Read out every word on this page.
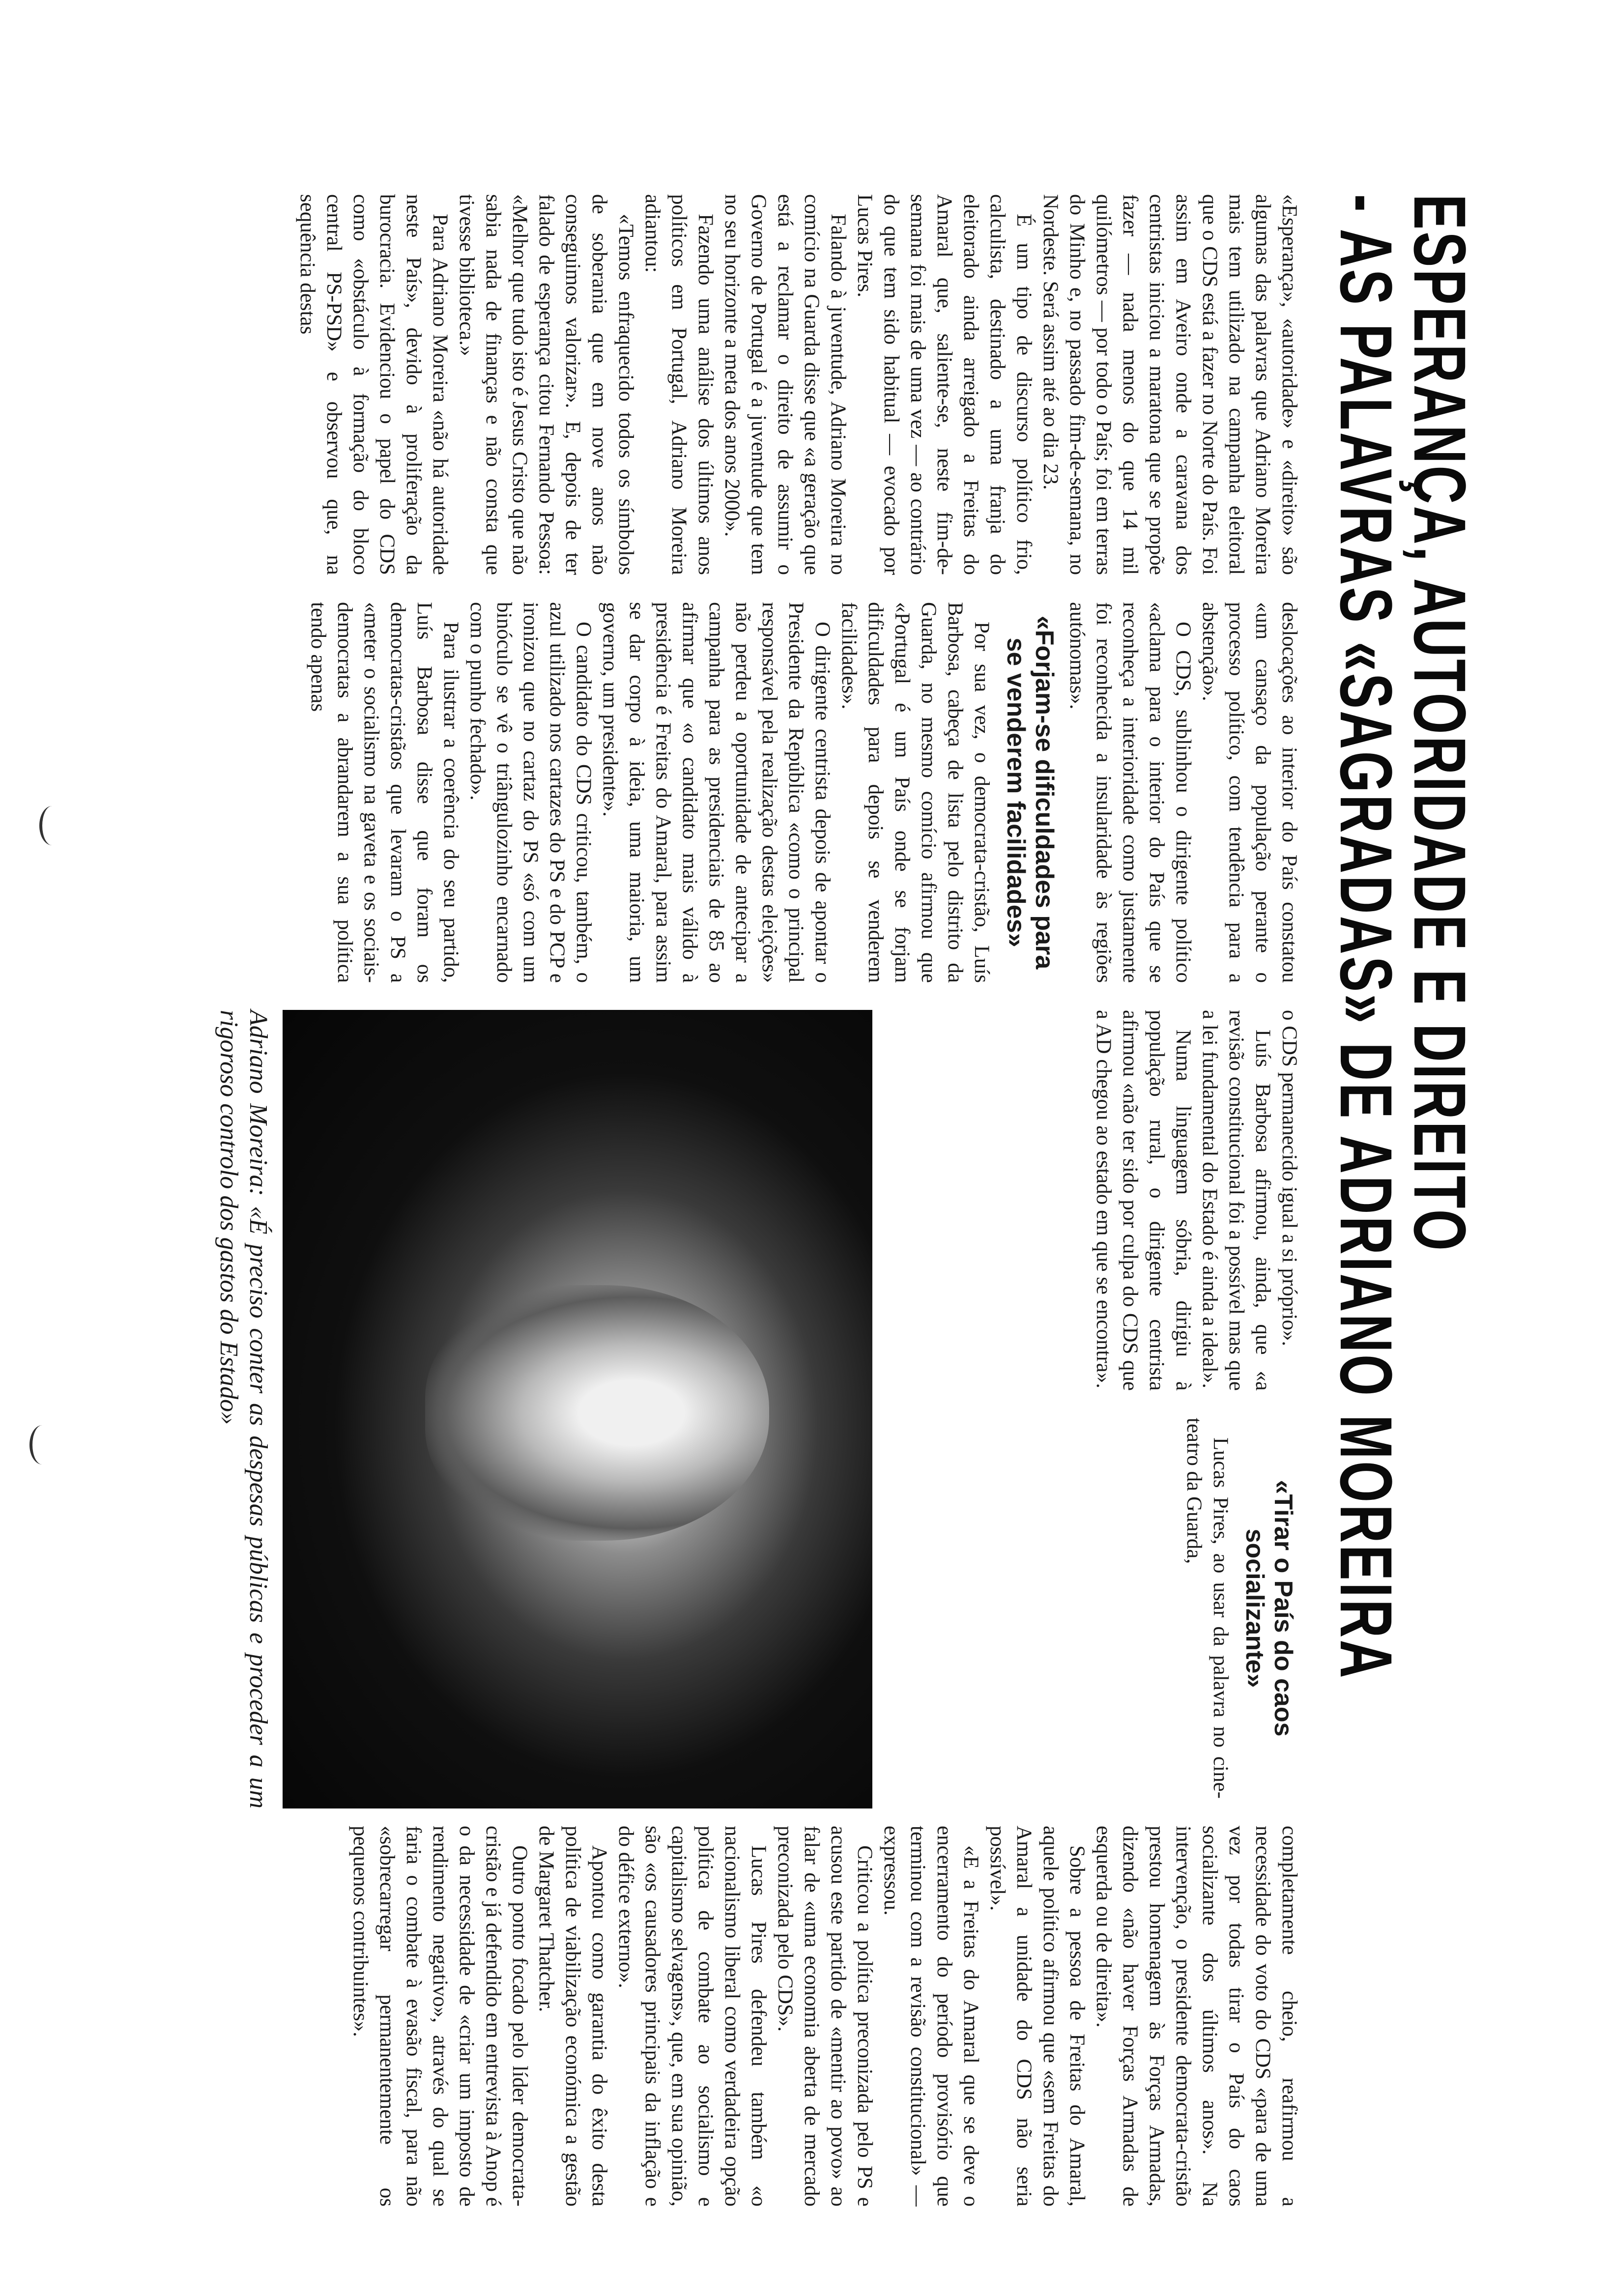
ESPERANÇA, AUTORIDADE E DIREITO
- AS PALAVRAS «SAGRADAS» DE ADRIANO MOREIRA

«Esperança», «autoridade» e «direito» são algumas das palavras que Adriano Moreira mais tem utilizado na campanha eleitoral que o CDS está a fazer no Norte do País. Foi assim em Aveiro onde a caravana dos centristas iniciou a maratona que se propõe fazer — nada menos do que 14 mil quilómetros — por todo o País; foi em terras do Minho e, no passado fim-de-semana, no Nordeste. Será assim até ao dia 23.

É um tipo de discurso político frio, calculista, destinado a uma franja do eleitorado ainda arreigado a Freitas do Amaral que, saliente-se, neste fim-de-semana foi mais de uma vez — ao contrário do que tem sido habitual — evocado por Lucas Pires.

Falando à juventude, Adriano Moreira no comício na Guarda disse que «a geração que está a reclamar o direito de assumir o Governo de Portugal é a juventude que tem no seu horizonte a meta dos anos 2000».

Fazendo uma análise dos últimos anos políticos em Portugal, Adriano Moreira adiantou:

«Temos enfraquecido todos os símbolos de soberania que em nove anos não conseguimos valorizar». E, depois de ter falado de esperança citou Fernando Pessoa: «Melhor que tudo isto é Jesus Cristo que não sabia nada de finanças e não consta que tivesse biblioteca.»

Para Adriano Moreira «não há autoridade neste País», devido à proliferação da burocracia. Evidenciou o papel do CDS como «obstáculo à formação do bloco central PS-PSD» e observou que, na sequência destas

deslocações ao interior do País constatou «um cansaço da população perante o processo político, com tendência para a abstenção».

O CDS, sublinhou o dirigente político «aclama para o interior do País que se reconheça a interioridade como justamente foi reconhecida a insularidade às regiões autónomas».

«Forjam-se dificuldades para se venderem facilidades»

Por sua vez, o democrata-cristão, Luís Barbosa, cabeça de lista pelo distrito da Guarda, no mesmo comício afirmou que «Portugal é um País onde se forjam dificuldades para depois se venderem facilidades».

O dirigente centrista depois de apontar o Presidente da República «como o principal responsável pela realização destas eleições» não perdeu a oportunidade de antecipar a campanha para as presidenciais de 85 ao afirmar que «o candidato mais válido à presidência é Freitas do Amaral, para assim se dar corpo à ideia, uma maioria, um governo, um presidente».

O candidato do CDS criticou, também, o azul utilizado nos cartazes do PS e do PCP e ironizou que no cartaz do PS «só com um binóculo se vê o triângulozinho encarnado com o punho fechado».

Para ilustrar a coerência do seu partido, Luís Barbosa disse que foram os democratas-cristãos que levaram o PS a «meter o socialismo na gaveta e os sociais-democratas a abrandarem a sua política tendo apenas

o CDS permanecido igual a si próprio».

Luís Barbosa afirmou, ainda, que «a revisão constitucional foi a possível mas que a lei fundamental do Estado é ainda a ideal».

Numa linguagem sóbria, dirigiu à população rural, o dirigente centrista afirmou «não ter sido por culpa do CDS que a AD chegou ao estado em que se encontra».

«Tirar o País do caos socializante»

Lucas Pires, ao usar da palavra no cine-teatro da Guarda,

Adriano Moreira: «É preciso conter as despesas públicas e proceder a um rigoroso controlo dos gastos do Estado»

completamente cheio, reafirmou a necessidade do voto do CDS «para de uma vez por todas tirar o País do caos socializante dos últimos anos». Na intervenção, o presidente democrata-cristão prestou homenagem às Forças Armadas, dizendo «não haver Forças Armadas de esquerda ou de direita».

Sobre a pessoa de Freitas do Amaral, aquele político afirmou que «sem Freitas do Amaral a unidade do CDS não seria possível».

«E a Freitas do Amaral que se deve o encerramento do período provisório que terminou com a revisão constitucional» — expressou.

Criticou a política preconizada pelo PS e acusou este partido de «mentir ao povo» ao falar de «uma economia aberta de mercado preconizada pelo CDS».

Lucas Pires defendeu também «o nacionalismo liberal como verdadeira opção política de combate ao socialismo e capitalismo selvagens», que, em sua opinião, são «os causadores principais da inflação e do défice externo».

Apontou como garantia do êxito desta política de viabilização económica a gestão de Margaret Thatcher.

Outro ponto focado pelo líder democrata-cristão e já defendido em entrevista à Anop é o da necessidade de «criar um imposto de rendimento negativo», através do qual se faria o combate à evasão fiscal, para não «sobrecarregar permanentemente os pequenos contribuintes».
